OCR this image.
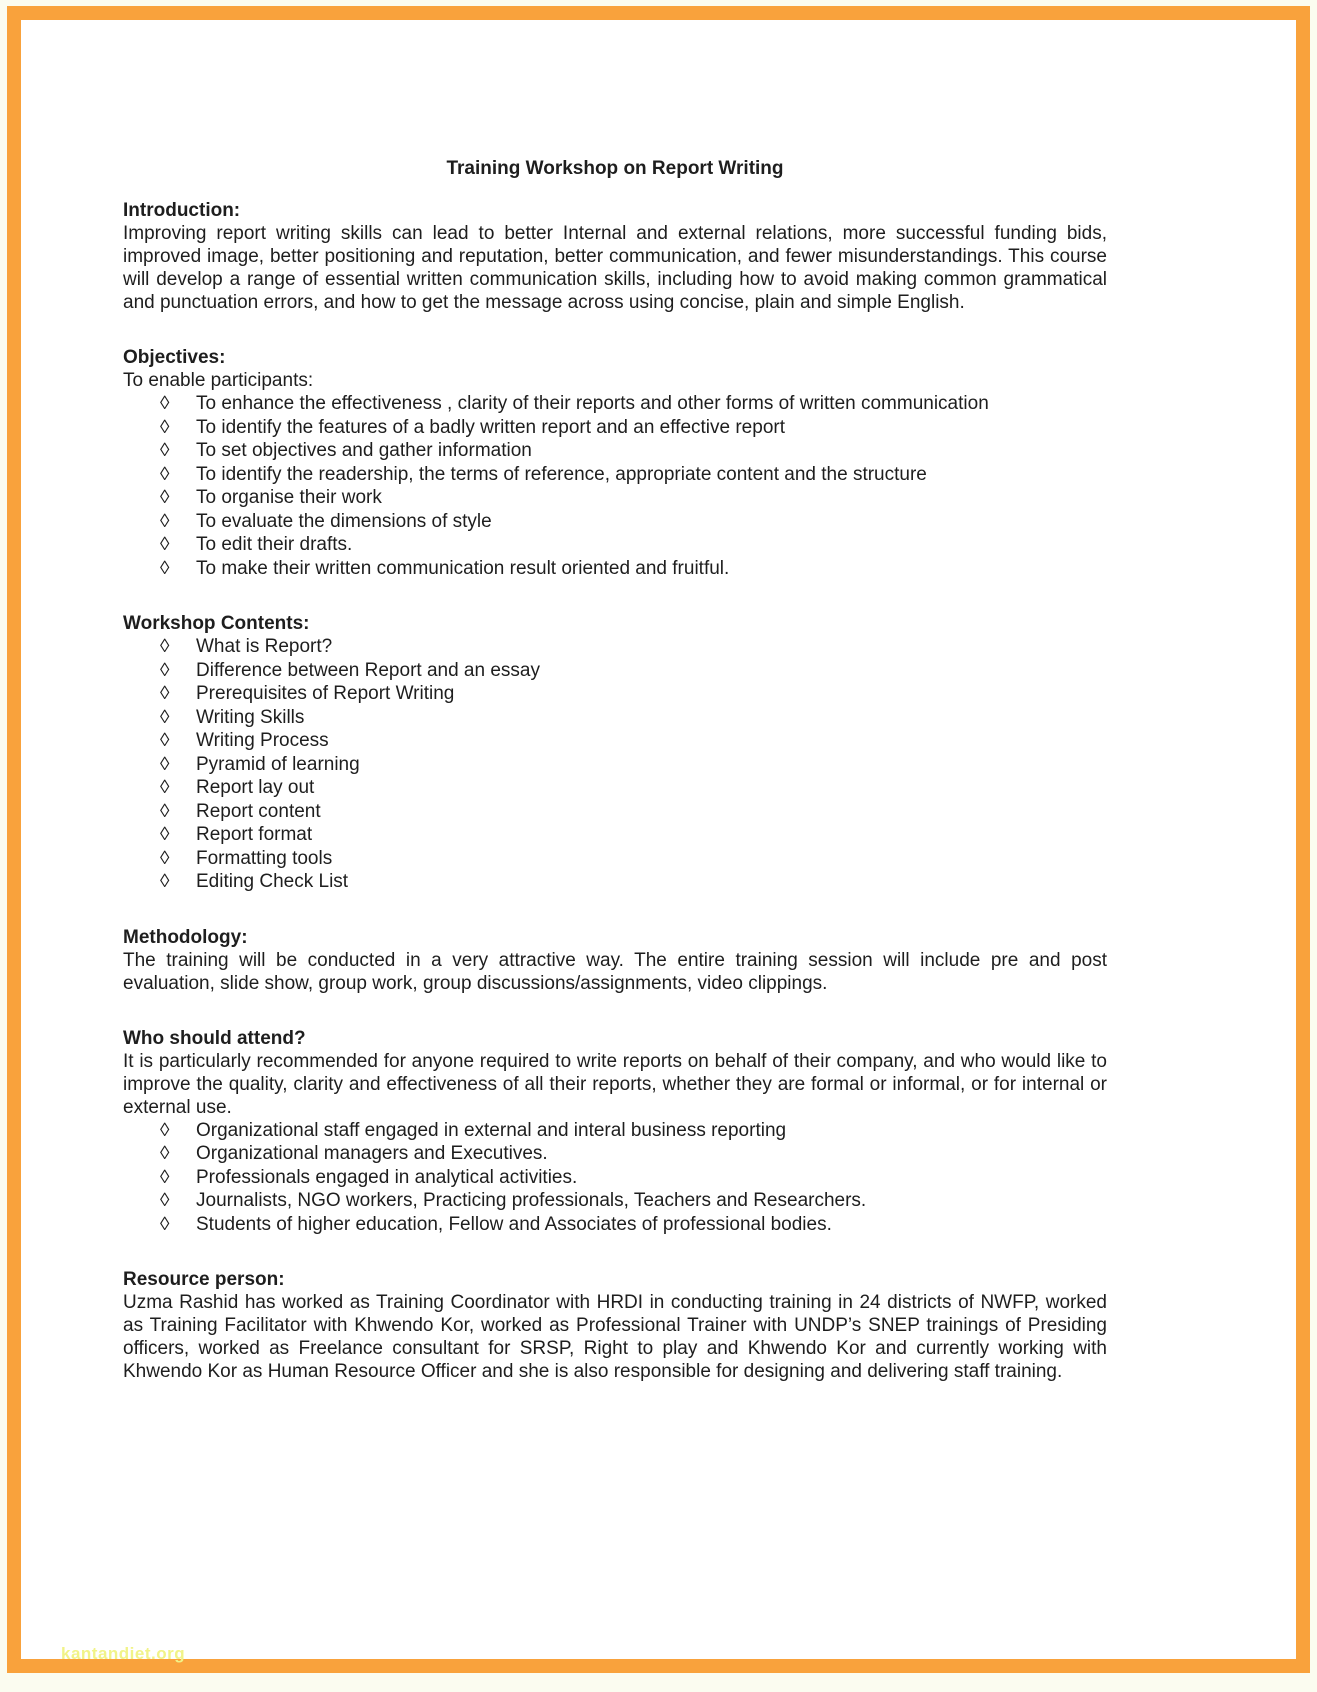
Training Workshop on Report Writing
Introduction:

Improving report writing skills can lead to better Internal and external relations, more successful funding bids, improved image, better positioning and reputation, better communication, and fewer misunderstandings. This course will develop a range of essential written communication skills, including how to avoid making common grammatical and punctuation errors, and how to get the message across using concise, plain and simple English.

Objectives:
To enable participants:
◊	To enhance the effectiveness , clarity of their reports and other forms of written communication
◊	To identify the features of a badly written report and an effective report
◊	To set objectives and gather information
◊	To identify the readership, the terms of reference, appropriate content and the structure
◊	To organise their work
◊	To evaluate the dimensions of style
◊	To edit their drafts.
◊	To make their written communication result oriented and fruitful.
Workshop Contents:
◊	What is Report?
◊	Difference between Report and an essay
◊	Prerequisites of Report Writing
◊	Writing Skills
◊	Writing Process
◊	Pyramid of learning
◊	Report lay out
◊	Report content
◊	Report format
◊	Formatting tools
◊	Editing Check List
Methodology:

The training will be conducted in a very attractive way. The entire training session will include pre and post evaluation, slide show, group work, group discussions/assignments, video clippings.

Who should attend?

It is particularly recommended for anyone required to write reports on behalf of their company, and who would like to improve the quality, clarity and effectiveness of all their reports, whether they are formal or informal, or for internal or external use.

◊	Organizational staff engaged in external and interal business reporting
◊	Organizational managers and Executives.
◊	Professionals engaged in analytical activities.
◊	Journalists, NGO workers, Practicing professionals, Teachers and Researchers.
◊	Students of higher education, Fellow and Associates of professional bodies.
Resource person:

Uzma Rashid has worked as Training Coordinator with HRDI in conducting training in 24 districts of NWFP, worked as Training Facilitator with Khwendo Kor, worked as Professional Trainer with UNDP’s SNEP trainings of Presiding officers, worked as Freelance consultant for SRSP, Right to play and Khwendo Kor and currently working with Khwendo Kor as Human Resource Officer and she is also responsible for designing and delivering staff training.

kantandiet.org
